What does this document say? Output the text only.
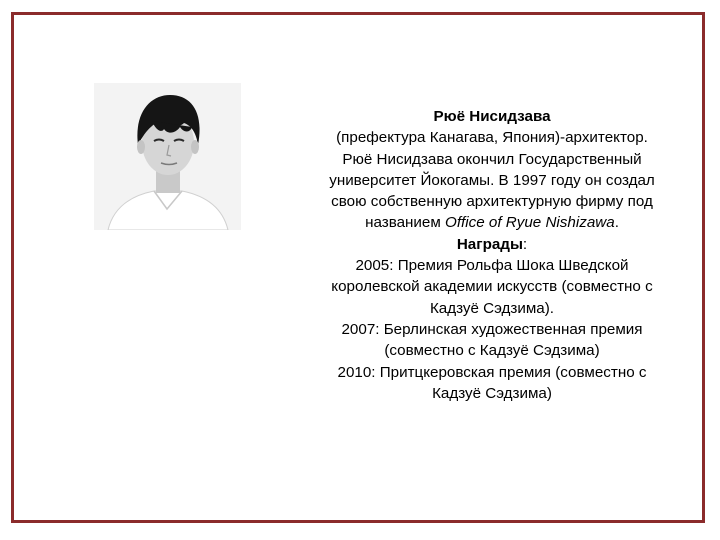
Рюё Нисидзава
(префектура Канагава, Япония)-архитектор.
Рюё Нисидзава окончил Государственный
университет Йокогамы. В 1997 году он создал
свою собственную архитектурную фирму под
названием Office of Ryue Nishizawa.
Награды:
2005: Премия Рольфа Шока Шведской
королевской академии искусств (совместно с
Кадзуё Сэдзима).
2007: Берлинская художественная премия
(совместно с Кадзуё Сэдзима)
2010: Притцкеровская премия (совместно с
Кадзуё Сэдзима)
